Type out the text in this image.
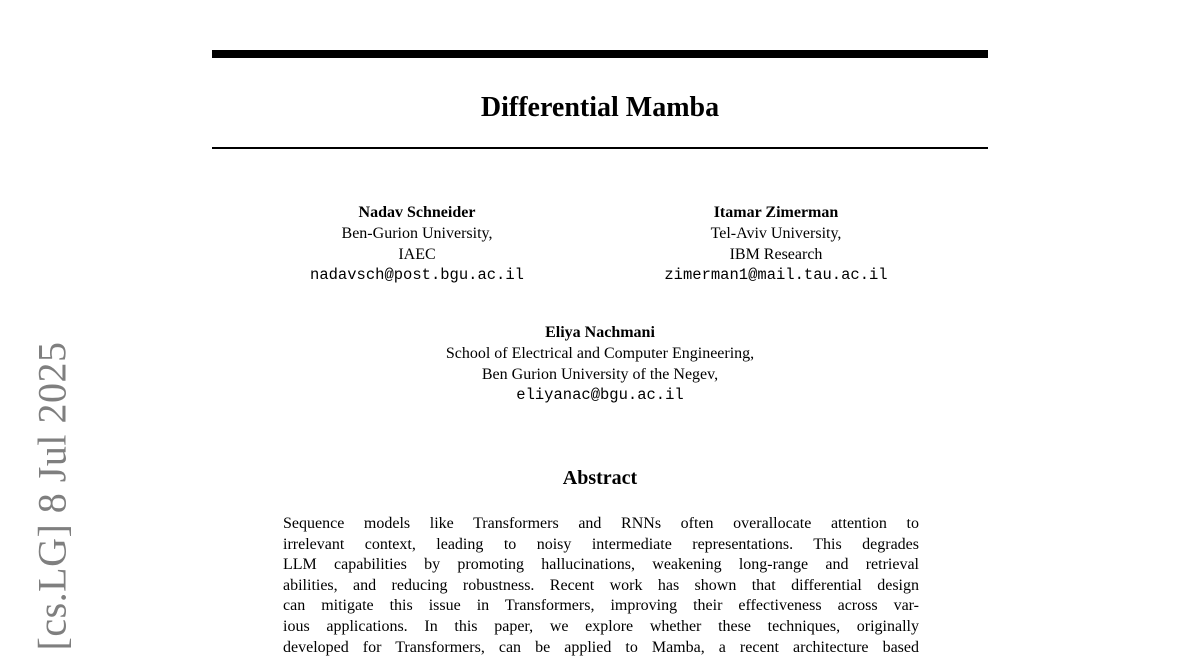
Differential Mamba
Nadav Schneider
Ben-Gurion University,
IAEC
nadavsch@post.bgu.ac.il
Itamar Zimerman
Tel-Aviv University,
IBM Research
zimerman1@mail.tau.ac.il
Eliya Nachmani
School of Electrical and Computer Engineering,
Ben Gurion University of the Negev,
eliyanac@bgu.ac.il
Abstract
Sequence models like Transformers and RNNs often overallocate attention to
irrelevant context, leading to noisy intermediate representations. This degrades
LLM capabilities by promoting hallucinations, weakening long-range and retrieval
abilities, and reducing robustness. Recent work has shown that differential design
can mitigate this issue in Transformers, improving their effectiveness across var-
ious applications. In this paper, we explore whether these techniques, originally
developed for Transformers, can be applied to Mamba, a recent architecture based
[cs.LG] 8 Jul 2025
